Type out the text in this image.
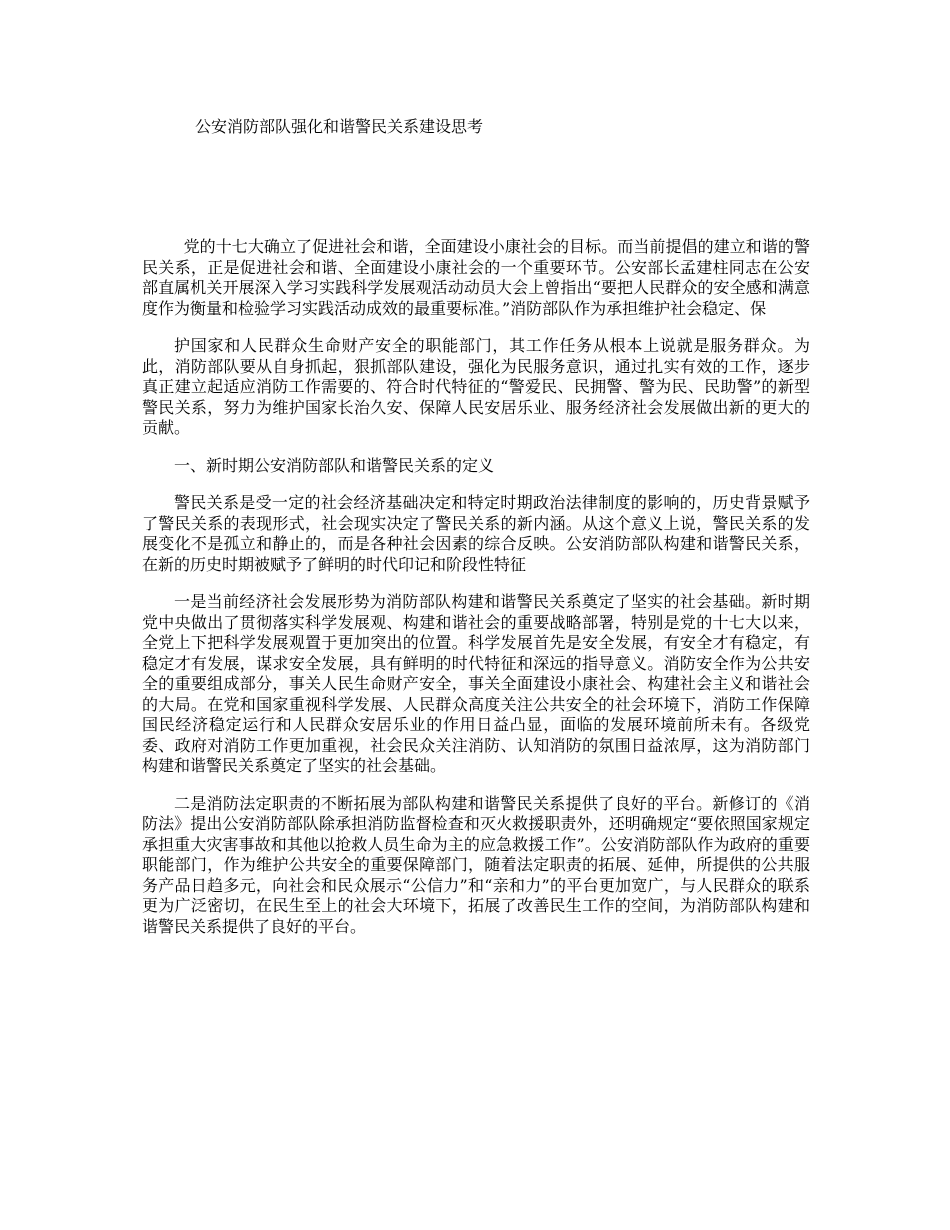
公安消防部队强化和谐警民关系建设思考

党的十七大确立了促进社会和谐，全面建设小康社会的目标。而当前提倡的建立和谐的警民关系，正是促进社会和谐、全面建设小康社会的一个重要环节。公安部长孟建柱同志在公安部直属机关开展深入学习实践科学发展观活动动员大会上曾指出“要把人民群众的安全感和满意度作为衡量和检验学习实践活动成效的最重要标准。”消防部队作为承担维护社会稳定、保

护国家和人民群众生命财产安全的职能部门，其工作任务从根本上说就是服务群众。为此，消防部队要从自身抓起，狠抓部队建设，强化为民服务意识，通过扎实有效的工作，逐步真正建立起适应消防工作需要的、符合时代特征的“警爱民、民拥警、警为民、民助警”的新型警民关系，努力为维护国家长治久安、保障人民安居乐业、服务经济社会发展做出新的更大的贡献。

一、新时期公安消防部队和谐警民关系的定义

警民关系是受一定的社会经济基础决定和特定时期政治法律制度的影响的，历史背景赋予了警民关系的表现形式，社会现实决定了警民关系的新内涵。从这个意义上说，警民关系的发展变化不是孤立和静止的，而是各种社会因素的综合反映。公安消防部队构建和谐警民关系，在新的历史时期被赋予了鲜明的时代印记和阶段性特征

一是当前经济社会发展形势为消防部队构建和谐警民关系奠定了坚实的社会基础。新时期党中央做出了贯彻落实科学发展观、构建和谐社会的重要战略部署，特别是党的十七大以来，全党上下把科学发展观置于更加突出的位置。科学发展首先是安全发展，有安全才有稳定，有稳定才有发展，谋求安全发展，具有鲜明的时代特征和深远的指导意义。消防安全作为公共安全的重要组成部分，事关人民生命财产安全，事关全面建设小康社会、构建社会主义和谐社会的大局。在党和国家重视科学发展、人民群众高度关注公共安全的社会环境下，消防工作保障国民经济稳定运行和人民群众安居乐业的作用日益凸显，面临的发展环境前所未有。各级党委、政府对消防工作更加重视，社会民众关注消防、认知消防的氛围日益浓厚，这为消防部门构建和谐警民关系奠定了坚实的社会基础。

二是消防法定职责的不断拓展为部队构建和谐警民关系提供了良好的平台。新修订的《消防法》提出公安消防部队除承担消防监督检查和灭火救援职责外，还明确规定“要依照国家规定承担重大灾害事故和其他以抢救人员生命为主的应急救援工作”。公安消防部队作为政府的重要职能部门，作为维护公共安全的重要保障部门，随着法定职责的拓展、延伸，所提供的公共服务产品日趋多元，向社会和民众展示“公信力”和“亲和力”的平台更加宽广，与人民群众的联系更为广泛密切，在民生至上的社会大环境下，拓展了改善民生工作的空间，为消防部队构建和谐警民关系提供了良好的平台。
